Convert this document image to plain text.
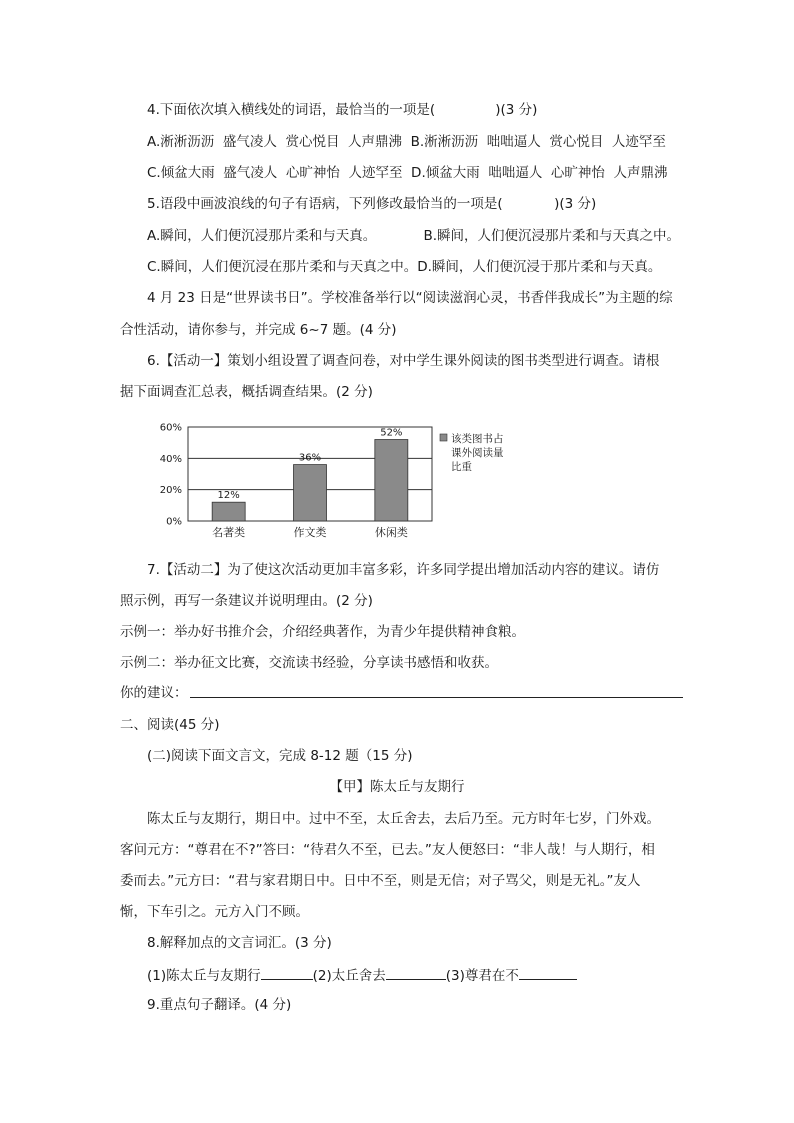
4.下面依次填入横线处的词语，最恰当的一项是(              )(3 分)
A.淅淅沥沥  盛气凌人  赏心悦目  人声鼎沸  B.淅淅沥沥  咄咄逼人  赏心悦目  人迹罕至
C.倾盆大雨  盛气凌人  心旷神怡  人迹罕至  D.倾盆大雨  咄咄逼人  心旷神怡  人声鼎沸
5.语段中画波浪线的句子有语病，下列修改最恰当的一项是(            )(3 分)
A.瞬间，人们便沉浸那片柔和与天真。           B.瞬间，人们便沉浸那片柔和与天真之中。
C.瞬间，人们便沉浸在那片柔和与天真之中。D.瞬间，人们便沉浸于那片柔和与天真。
4 月 23 日是“世界读书日”。学校准备举行以“阅读滋润心灵，书香伴我成长”为主题的综
合性活动，请你参与，并完成 6~7 题。(4 分)
6.【活动一】策划小组设置了调查问卷，对中学生课外阅读的图书类型进行调查。请根
据下面调查汇总表，概括调查结果。(2 分)
0%
20%
40%
60%
12%
名著类
36%
作文类
52%
休闲类
该类图书占
课外阅读量
比重
7.【活动二】为了使这次活动更加丰富多彩，许多同学提出增加活动内容的建议。请仿
照示例，再写一条建议并说明理由。(2 分)
示例一：举办好书推介会，介绍经典著作，为青少年提供精神食粮。
示例二：举办征文比赛，交流读书经验，分享读书感悟和收获。
你的建议：
二、阅读(45 分)
(二)阅读下面文言文，完成 8-12 题（15 分)
【甲】陈太丘与友期行
陈太丘与友期行，期日中。过中不至，太丘舍去，去后乃至。元方时年七岁，门外戏。
客问元方：“尊君在不?”答曰：“待君久不至，已去。”友人便怒曰：“非人哉！与人期行，相
委而去。”元方曰：“君与家君期日中。日中不至，则是无信；对子骂父，则是无礼。”友人
惭，下车引之。元方入门不顾。
8.解释加点的文言词汇。(3 分)
(1)陈太丘与友期行	(2)太丘舍去	(3)尊君在不
9.重点句子翻译。(4 分)
